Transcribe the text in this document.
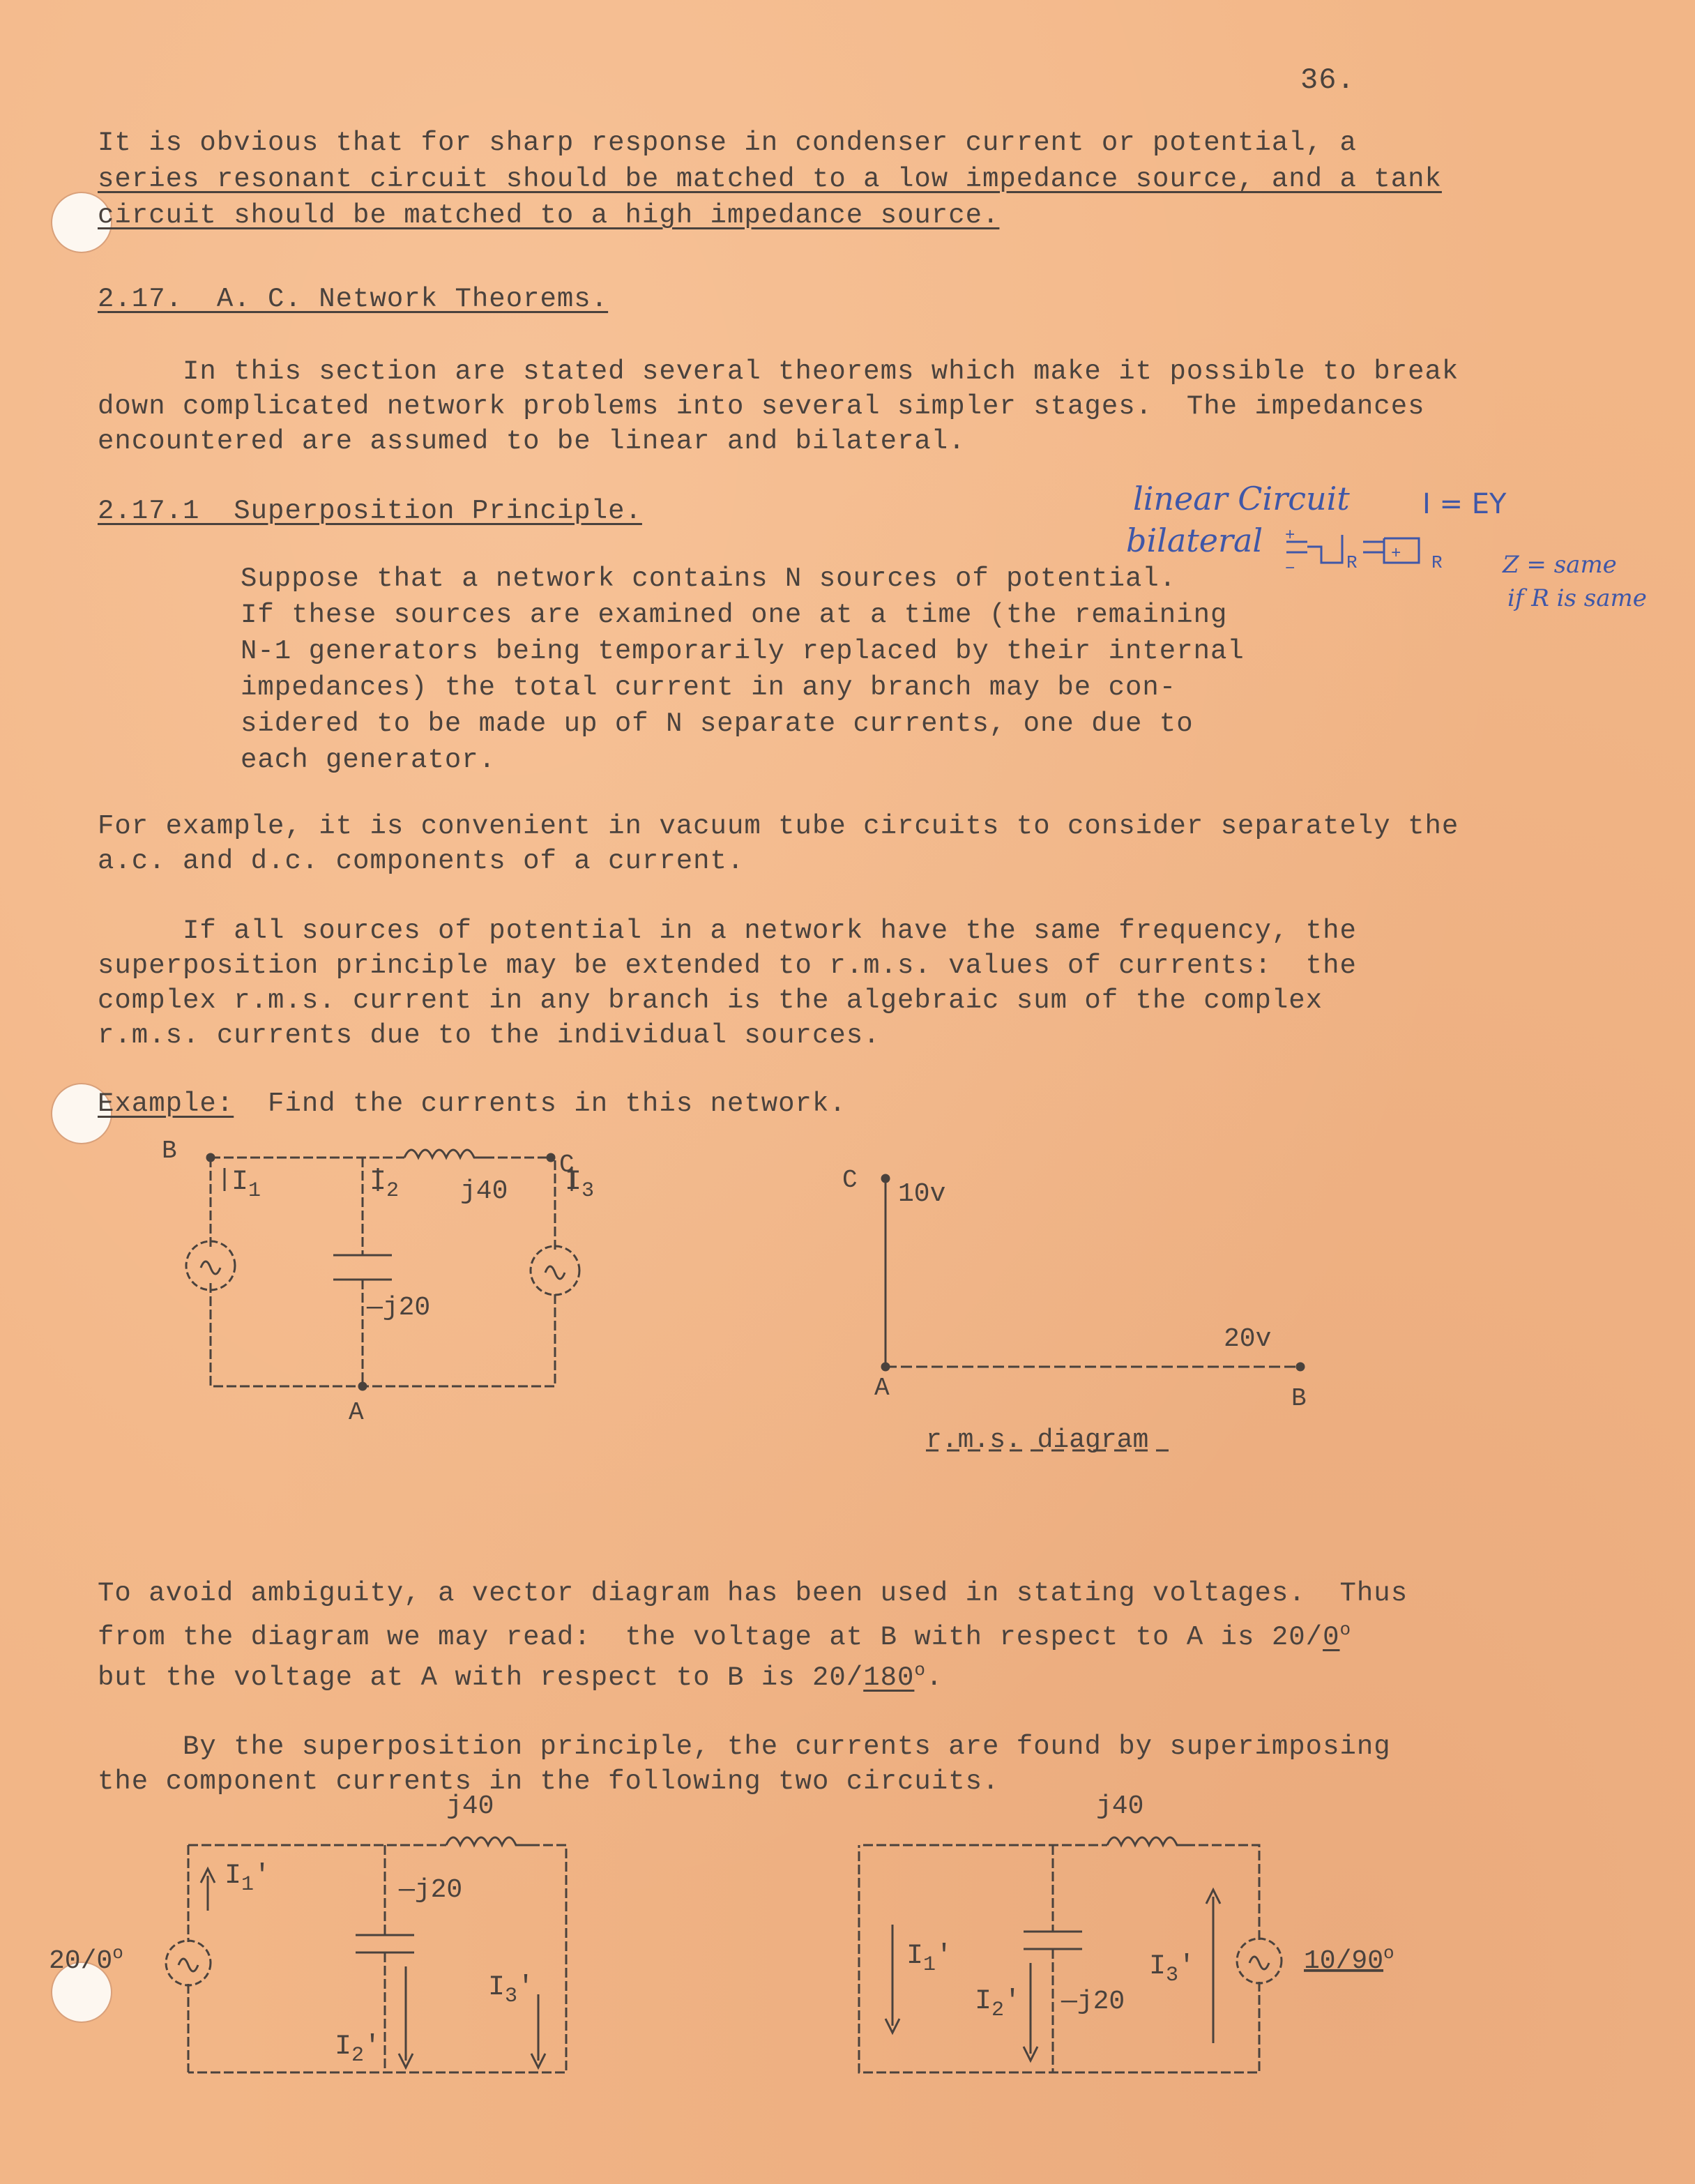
36.
It is obvious that for sharp response in condenser current or potential, a
series resonant circuit should be matched to a low impedance source, and a tank
circuit should be matched to a high impedance source.
2.17.  A. C. Network Theorems.
In this section are stated several theorems which make it possible to break
down complicated network problems into several simpler stages.  The impedances
encountered are assumed to be linear and bilateral.
2.17.1  Superposition Principle.	linear Circuit	I = EY
bilateral +
−	R + R	Z = same
if R is same
Suppose that a network contains N sources of potential.
If these sources are examined one at a time (the remaining
N-1 generators being temporarily replaced by their internal
impedances) the total current in any branch may be con-
sidered to be made up of N separate currents, one due to
each generator.
For example, it is convenient in vacuum tube circuits to consider separately the
a.c. and d.c. components of a current.
If all sources of potential in a network have the same frequency, the
superposition principle may be extended to r.m.s. values of currents:  the
complex r.m.s. current in any branch is the algebraic sum of the complex
r.m.s. currents due to the individual sources.
Example:  Find the currents in this network.
B	C
A
$I_1$	$I_2$	$I_3$
j40
—j20
C 10v
20v
A	B
r.m.s. diagram
To avoid ambiguity, a vector diagram has been used in stating voltages.  Thus
from the diagram we may read:  the voltage at B with respect to A is 20/0$^o$
but the voltage at A with respect to B is 20/180$^o$.
By the superposition principle, the currents are found by superimposing
the component currents in the following two circuits.
j40
—j20
20/0$^o$
$I_1'$
$I_2'$
$I_3'$
j40
—j20
10/90$^o$
$I_1'$
$I_2'$
$I_3'$
